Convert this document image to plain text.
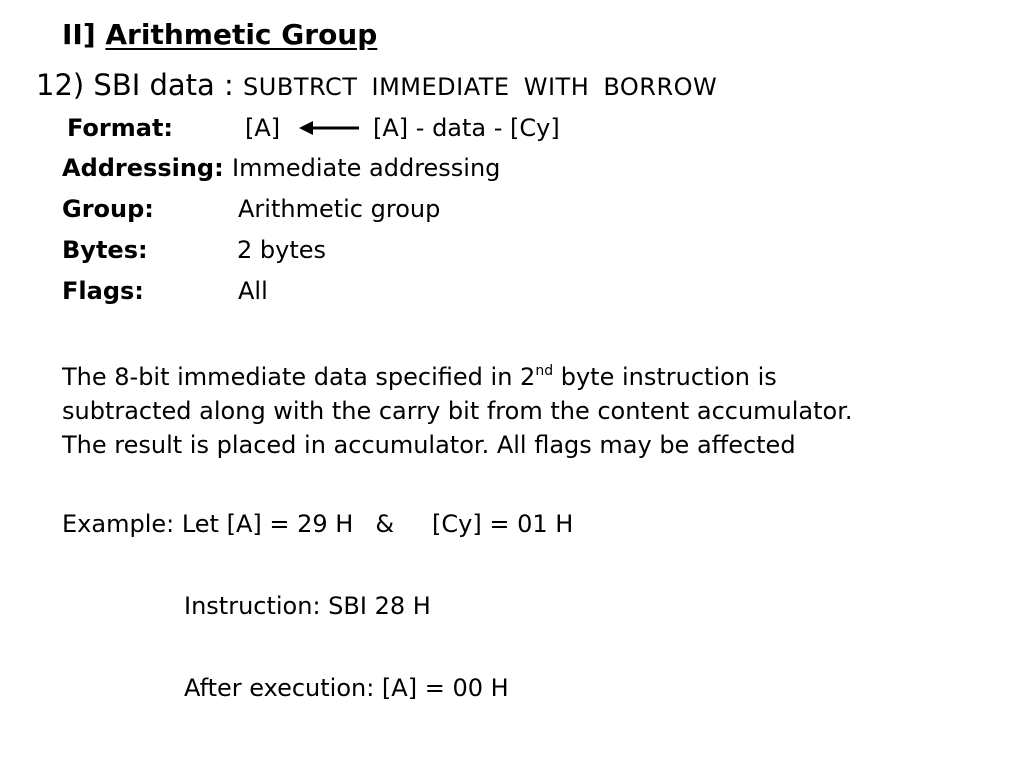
II] Arithmetic Group
12) SBI data : SUBTRCT IMMEDIATE WITH BORROW
Format:	[A]	[A] - data - [Cy]
Addressing: Immediate addressing
Group:	Arithmetic group
Bytes:	2 bytes
Flags:	All
The 8-bit immediate data specified in 2nd byte instruction is
subtracted along with the carry bit from the content accumulator.
The result is placed in accumulator. All flags may be affected
Example: Let [A] = 29 H & [Cy] = 01 H
Instruction: SBI 28 H
After execution: [A] = 00 H
